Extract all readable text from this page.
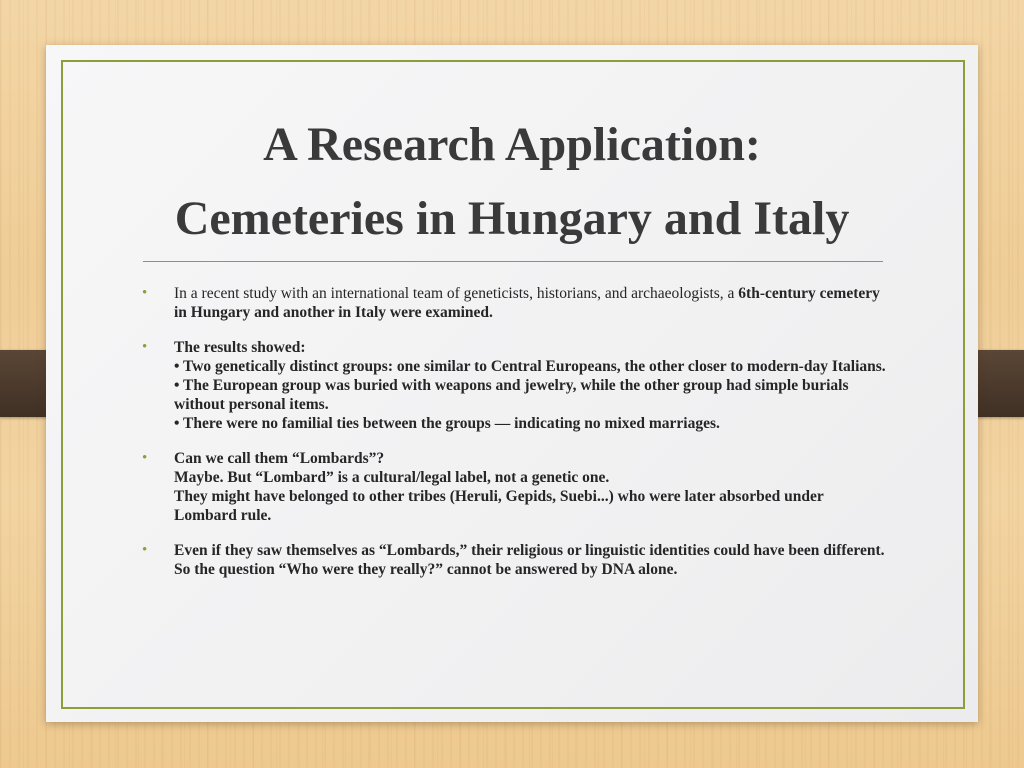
A Research Application:
Cemeteries in Hungary and Italy
• In a recent study with an international team of geneticists, historians, and archaeologists, a 6th-century cemetery in Hungary and another in Italy were examined.
• The results showed:
• Two genetically distinct groups: one similar to Central Europeans, the other closer to modern-day Italians.
• The European group was buried with weapons and jewelry, while the other group had simple burials without personal items.
• There were no familial ties between the groups — indicating no mixed marriages.
• Can we call them “Lombards”?
Maybe. But “Lombard” is a cultural/legal label, not a genetic one.
They might have belonged to other tribes (Heruli, Gepids, Suebi...) who were later absorbed under Lombard rule.
• Even if they saw themselves as “Lombards,” their religious or linguistic identities could have been different.
So the question “Who were they really?” cannot be answered by DNA alone.
